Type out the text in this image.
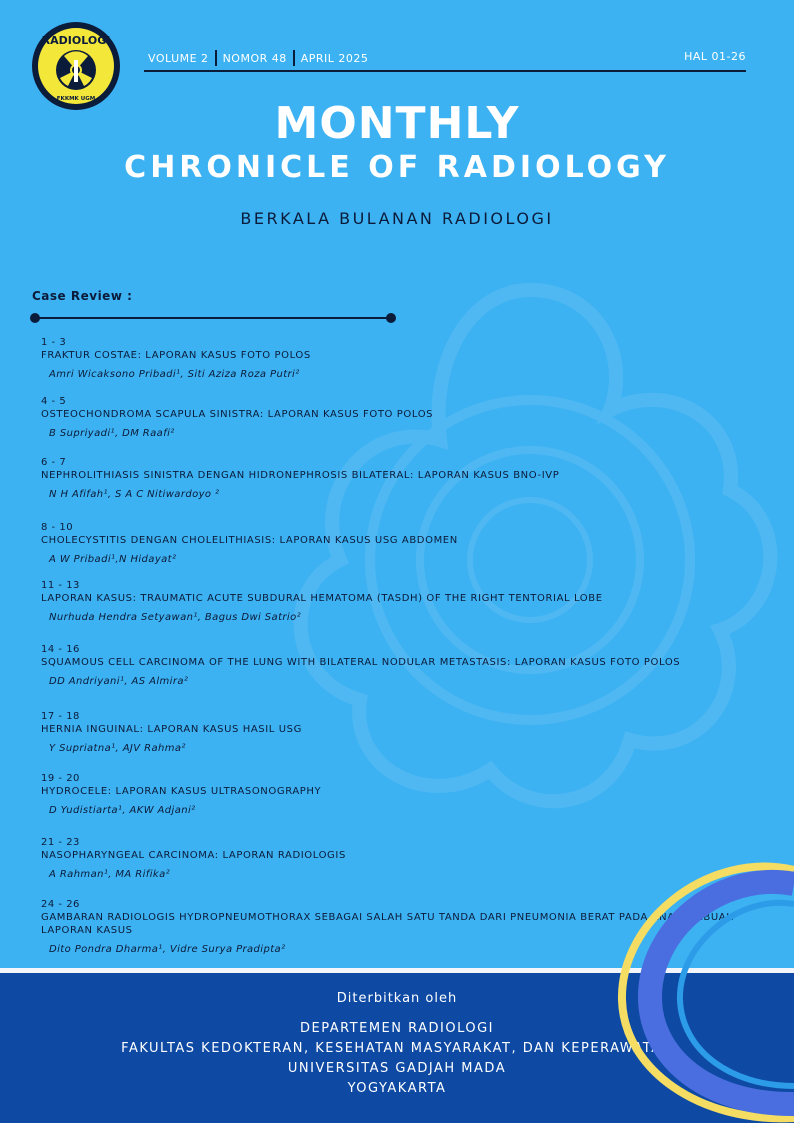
RADIOLOGI
FKKMK UGM
VOLUME 2	NOMOR 48	APRIL 2025	HAL 01-26
MONTHLY
CHRONICLE OF RADIOLOGY
BERKALA BULANAN RADIOLOGI
Case Review :
1 - 3
FRAKTUR COSTAE: LAPORAN KASUS FOTO POLOS
Amri Wicaksono Pribadi¹, Siti Aziza Roza Putri²
4 - 5
OSTEOCHONDROMA SCAPULA SINISTRA: LAPORAN KASUS FOTO POLOS
B Supriyadi¹, DM Raafi²
6 - 7
NEPHROLITHIASIS SINISTRA DENGAN HIDRONEPHROSIS BILATERAL: LAPORAN KASUS BNO-IVP
N H Afifah¹, S A C Nitiwardoyo ²
8 - 10
CHOLECYSTITIS DENGAN CHOLELITHIASIS: LAPORAN KASUS USG ABDOMEN
A W Pribadi¹,N Hidayat²
11 - 13
LAPORAN KASUS: TRAUMATIC ACUTE SUBDURAL HEMATOMA (TASDH) OF THE RIGHT TENTORIAL LOBE
Nurhuda Hendra Setyawan¹, Bagus Dwi Satrio²
14 - 16
SQUAMOUS CELL CARCINOMA OF THE LUNG WITH BILATERAL NODULAR METASTASIS: LAPORAN KASUS FOTO POLOS
DD Andriyani¹, AS Almira²
17 - 18
HERNIA INGUINAL: LAPORAN KASUS HASIL USG
Y Supriatna¹, AJV Rahma²
19 - 20
HYDROCELE: LAPORAN KASUS ULTRASONOGRAPHY
D Yudistiarta¹, AKW Adjani²
21 - 23
NASOPHARYNGEAL CARCINOMA: LAPORAN RADIOLOGIS
A Rahman¹, MA Rifika²
24 - 26
GAMBARAN RADIOLOGIS HYDROPNEUMOTHORAX SEBAGAI SALAH SATU TANDA DARI PNEUMONIA BERAT PADA ANAK: SEBUAH LAPORAN KASUS
Dito Pondra Dharma¹, Vidre Surya Pradipta²
Diterbitkan oleh
DEPARTEMEN RADIOLOGI
FAKULTAS KEDOKTERAN, KESEHATAN MASYARAKAT, DAN KEPERAWATAN
UNIVERSITAS GADJAH MADA
YOGYAKARTA
